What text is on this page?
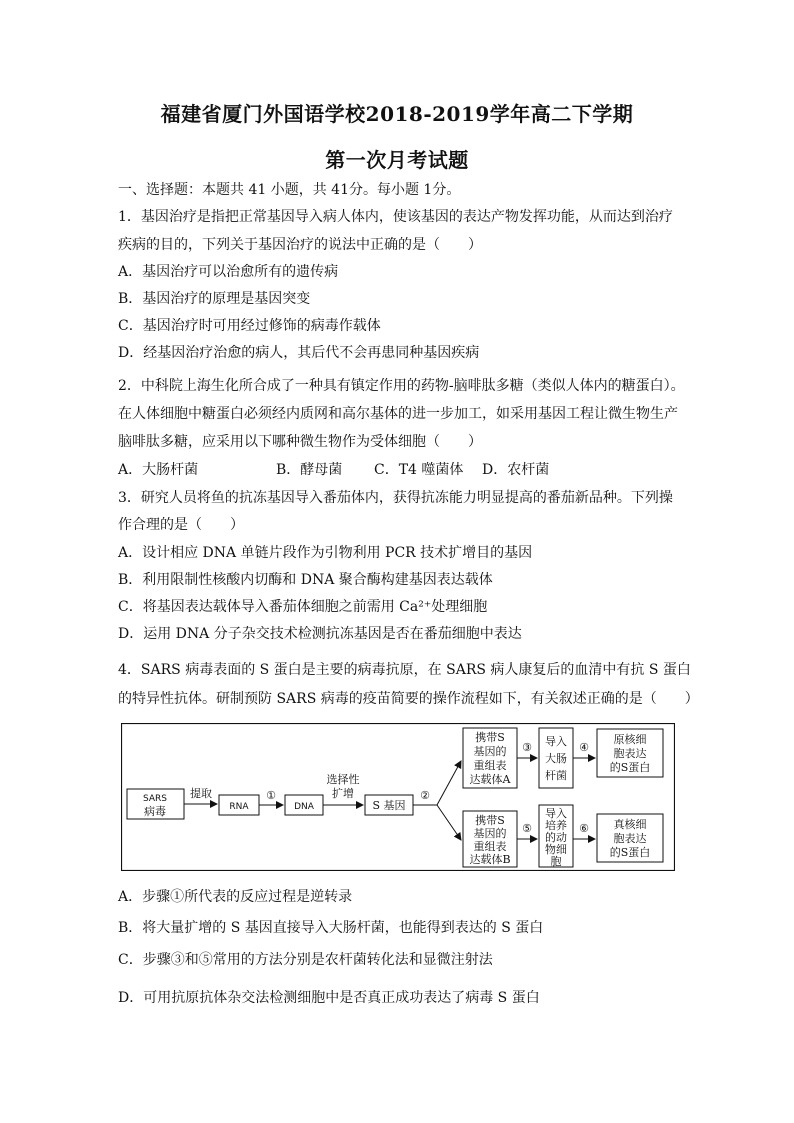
福建省厦门外国语学校2018-2019学年高二下学期
第一次月考试题
一、选择题：本题共 41 小题，共 41分。每小题 1分。
1．基因治疗是指把正常基因导入病人体内，使该基因的表达产物发挥功能，从而达到治疗
疾病的目的，下列关于基因治疗的说法中正确的是（　　）
A．基因治疗可以治愈所有的遗传病
B．基因治疗的原理是基因突变
C．基因治疗时可用经过修饰的病毒作载体
D．经基因治疗治愈的病人，其后代不会再患同种基因疾病
2．中科院上海生化所合成了一种具有镇定作用的药物-脑啡肽多糖（类似人体内的糖蛋白）。
在人体细胞中糖蛋白必须经内质网和高尔基体的进一步加工，如采用基因工程让微生物生产
脑啡肽多糖，应采用以下哪种微生物作为受体细胞（　　）
A．大肠杆菌	B．酵母菌 C．T4 噬菌体 D．农杆菌
3．研究人员将鱼的抗冻基因导入番茄体内，获得抗冻能力明显提高的番茄新品种。下列操
作合理的是（　　）
A．设计相应 DNA 单链片段作为引物利用 PCR 技术扩增目的基因
B．利用限制性核酸内切酶和 DNA 聚合酶构建基因表达载体
C．将基因表达载体导入番茄体细胞之前需用 Ca²⁺处理细胞
D．运用 DNA 分子杂交技术检测抗冻基因是否在番茄细胞中表达
4．SARS 病毒表面的 S 蛋白是主要的病毒抗原，在 SARS 病人康复后的血清中有抗 S 蛋白
的特异性抗体。研制预防 SARS 病毒的疫苗简要的操作流程如下，有关叙述正确的是（　　）
SARS
病毒
提取
RNA
①
DNA
选择性
扩增
S 基因
②
携带S
基因的
重组表
达载体A
携带S
基因的
重组表
达载体B
③
⑤
导入
大肠
杆菌
导入
培养
的动
物细
胞
④
⑥
原核细
胞表达
的S蛋白
真核细
胞表达
的S蛋白
A．步骤①所代表的反应过程是逆转录
B．将大量扩增的 S 基因直接导入大肠杆菌，也能得到表达的 S 蛋白
C．步骤③和⑤常用的方法分别是农杆菌转化法和显微注射法
D．可用抗原抗体杂交法检测细胞中是否真正成功表达了病毒 S 蛋白
